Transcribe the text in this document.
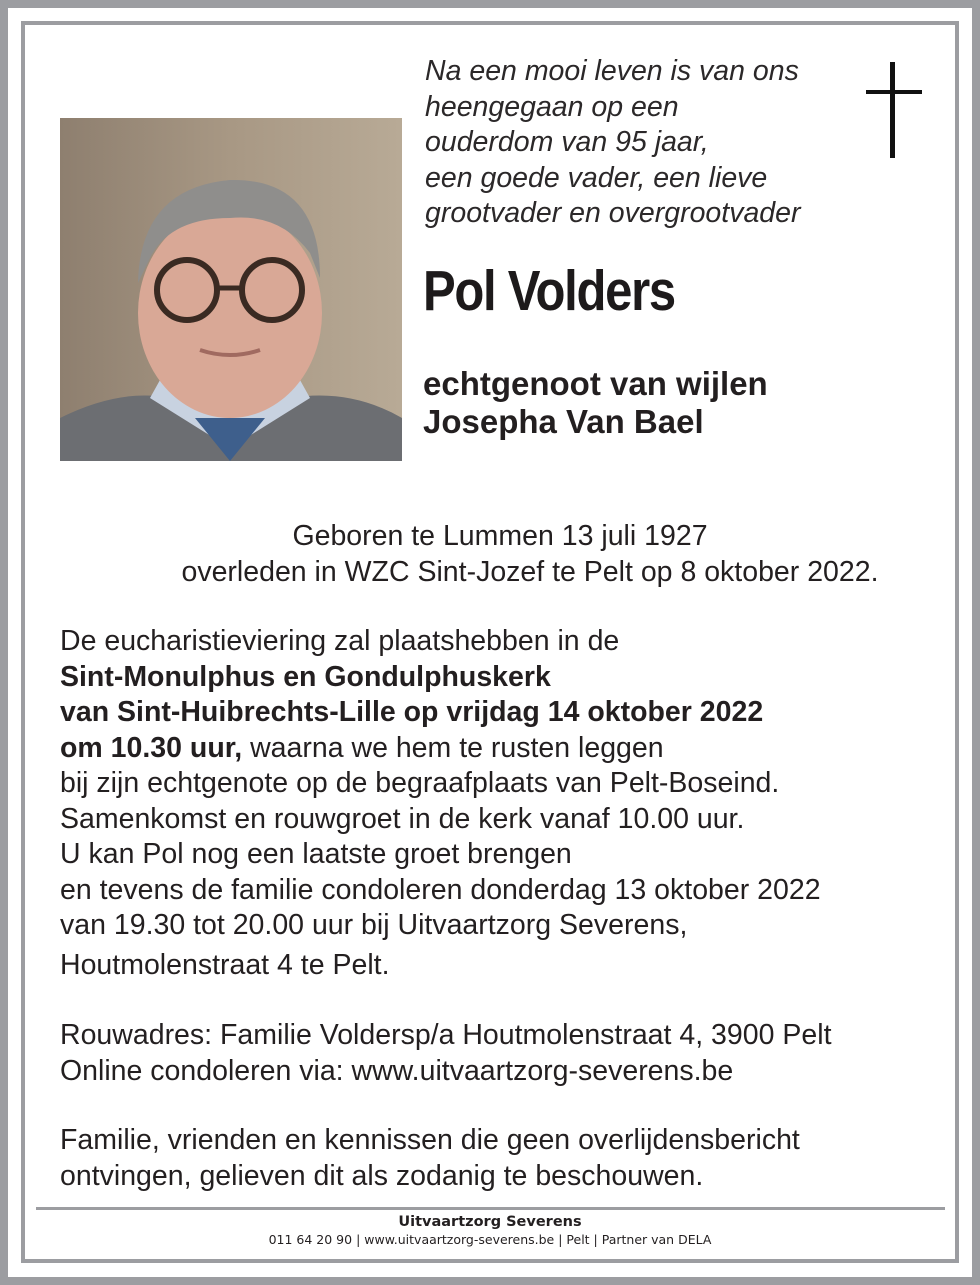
Na een mooi leven is van ons
heengegaan op een
ouderdom van 95 jaar,
een goede vader, een lieve
grootvader en overgrootvader
Pol Volders
echtgenoot van wijlen
Josepha Van Bael
Geboren te Lummen 13 juli 1927
overleden in WZC Sint-Jozef te Pelt op 8 oktober 2022.
De eucharistieviering zal plaatshebben in de
Sint-Monulphus en Gondulphuskerk
van Sint-Huibrechts-Lille op vrijdag 14 oktober 2022
om 10.30 uur, waarna we hem te rusten leggen
bij zijn echtgenote op de begraafplaats van Pelt-Boseind.
Samenkomst en rouwgroet in de kerk vanaf 10.00 uur.
U kan Pol nog een laatste groet brengen
en tevens de familie condoleren donderdag 13 oktober 2022
van 19.30 tot 20.00 uur bij Uitvaartzorg Severens,
Houtmolenstraat 4 te Pelt.
Rouwadres: Familie Voldersp/a Houtmolenstraat 4, 3900 Pelt
Online condoleren via: www.uitvaartzorg-severens.be
Familie, vrienden en kennissen die geen overlijdensbericht
ontvingen, gelieven dit als zodanig te beschouwen.
Uitvaartzorg Severens
011 64 20 90 | www.uitvaartzorg-severens.be | Pelt | Partner van DELA
